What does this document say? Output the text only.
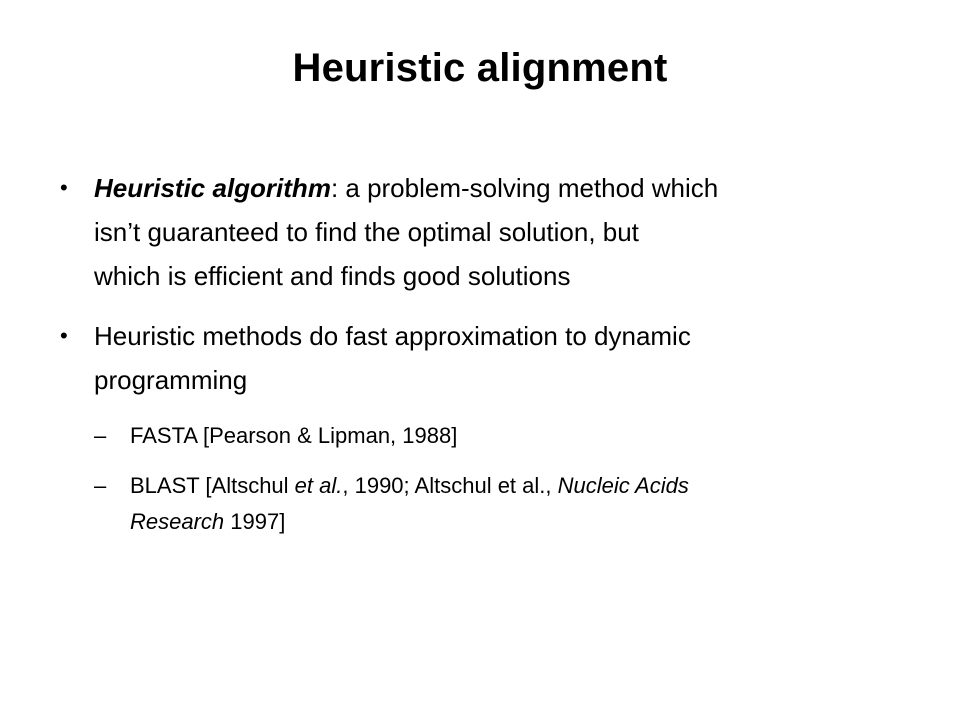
Heuristic alignment
• Heuristic algorithm: a problem-solving method which
isn’t guaranteed to find the optimal solution, but
which is efficient and finds good solutions
• Heuristic methods do fast approximation to dynamic
programming
– FASTA [Pearson & Lipman, 1988]
– BLAST [Altschul et al., 1990; Altschul et al., Nucleic Acids
Research 1997]
